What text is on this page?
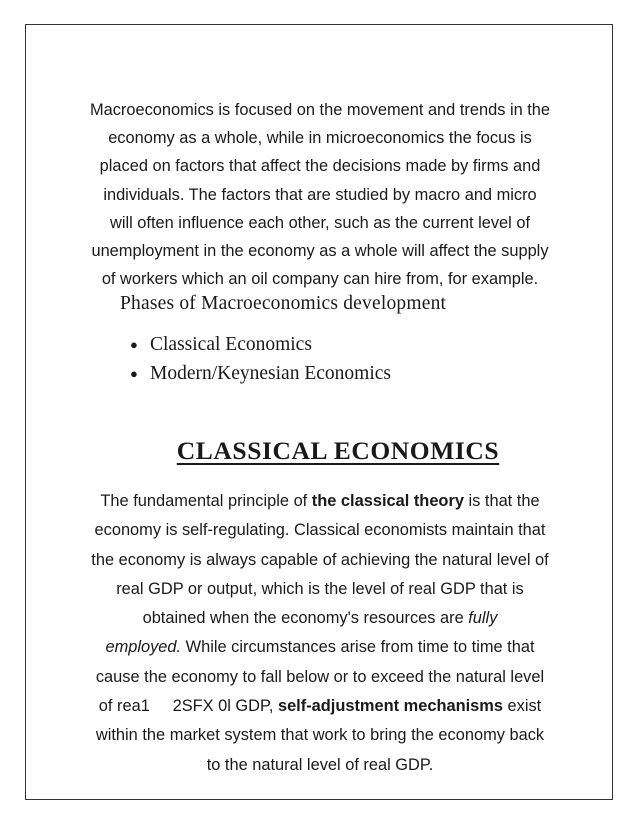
Macroeconomics is focused on the movement and trends in the
economy as a whole, while in microeconomics the focus is
placed on factors that affect the decisions made by firms and
individuals. The factors that are studied by macro and micro
will often influence each other, such as the current level of
unemployment in the economy as a whole will affect the supply
of workers which an oil company can hire from, for example.
Phases of Macroeconomics development
● Classical Economics
● Modern/Keynesian Economics
CLASSICAL ECONOMICS
The fundamental principle of the classical theory is that the
economy is self-regulating. Classical economists maintain that
the economy is always capable of achieving the natural level of
real GDP or output, which is the level of real GDP that is
obtained when the economy's resources are fully
employed. While circumstances arise from time to time that
cause the economy to fall below or to exceed the natural level
of rea1     2SFX 0l GDP, self-adjustment mechanisms exist
within the market system that work to bring the economy back
to the natural level of real GDP.
